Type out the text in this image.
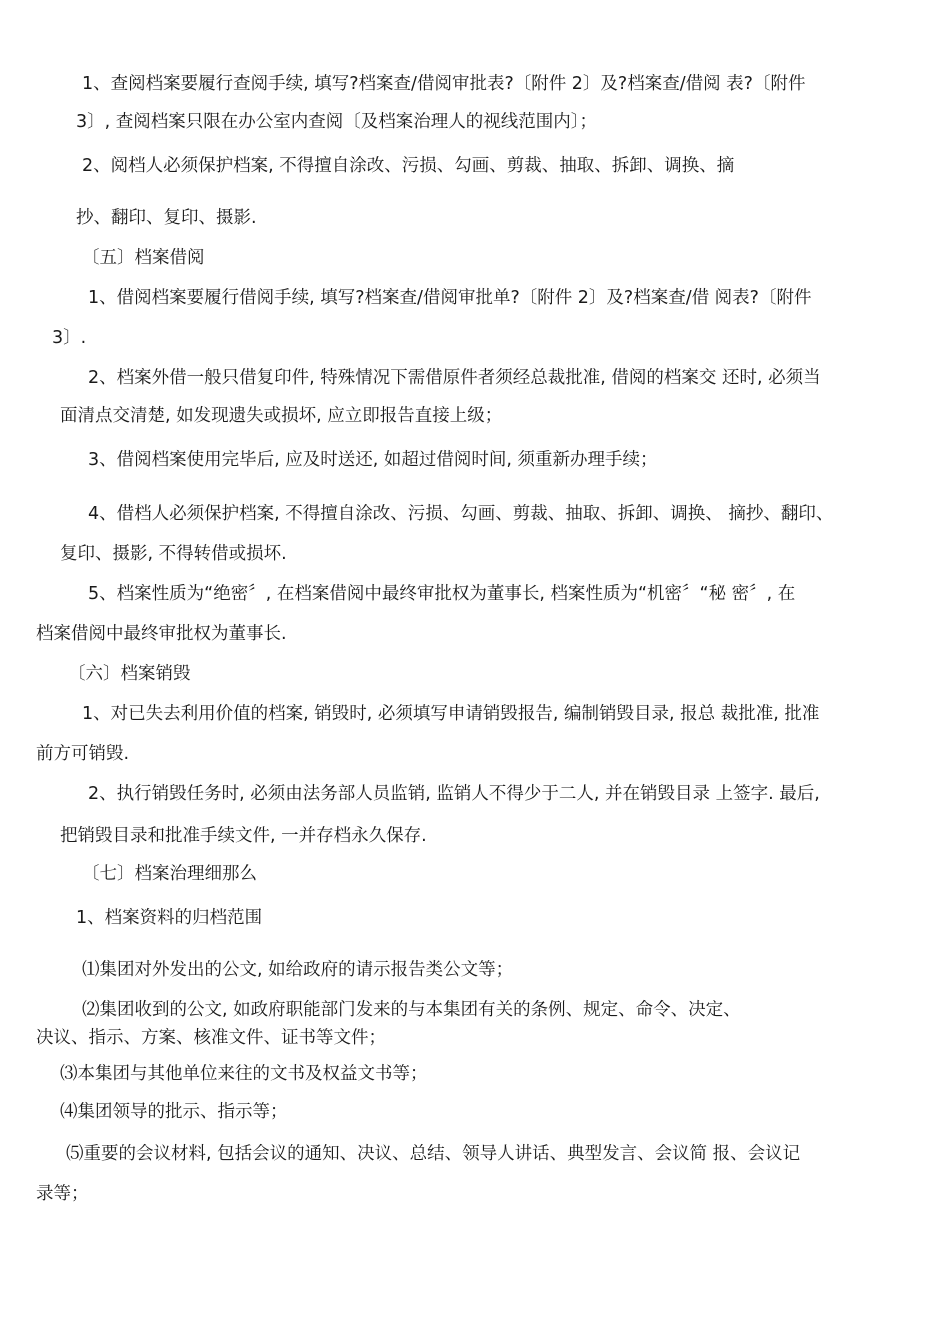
1、查阅档案要履行查阅手续, 填写?档案查/借阅审批表?〔附件 2〕及?档案查/借阅 表?〔附件
3〕, 查阅档案只限在办公室内查阅〔及档案治理人的视线范围内〕；
2、阅档人必须保护档案, 不得擅自涂改、污损、勾画、剪裁、抽取、拆卸、调换、摘
抄、翻印、复印、摄影.
〔五〕档案借阅
1、借阅档案要履行借阅手续, 填写?档案查/借阅审批单?〔附件 2〕及?档案查/借 阅表?〔附件
3〕.
2、档案外借一般只借复印件, 特殊情况下需借原件者须经总裁批准, 借阅的档案交 还时, 必须当
面清点交清楚, 如发现遗失或损坏, 应立即报告直接上级；
3、借阅档案使用完毕后, 应及时送还, 如超过借阅时间, 须重新办理手续；
4、借档人必须保护档案, 不得擅自涂改、污损、勾画、剪裁、抽取、拆卸、调换、 摘抄、翻印、
复印、摄影, 不得转借或损坏.
5、档案性质为“绝密〞, 在档案借阅中最终审批权为董事长, 档案性质为“机密〞“秘 密〞, 在
档案借阅中最终审批权为董事长.
〔六〕档案销毁
1、对已失去利用价值的档案, 销毁时, 必须填写申请销毁报告, 编制销毁目录, 报总 裁批准, 批准
前方可销毁.
2、执行销毁任务时, 必须由法务部人员监销, 监销人不得少于二人, 并在销毁目录 上签字. 最后,
把销毁目录和批准手续文件, 一并存档永久保存.
〔七〕档案治理细那么
1、档案资料的归档范围
⑴集团对外发出的公文, 如给政府的请示报告类公文等；
⑵集团收到的公文, 如政府职能部门发来的与本集团有关的条例、规定、命令、决定、
决议、指示、方案、核准文件、证书等文件；
⑶本集团与其他单位来往的文书及权益文书等；
⑷集团领导的批示、指示等；
⑸重要的会议材料, 包括会议的通知、决议、总结、领导人讲话、典型发言、会议简 报、会议记
录等；
